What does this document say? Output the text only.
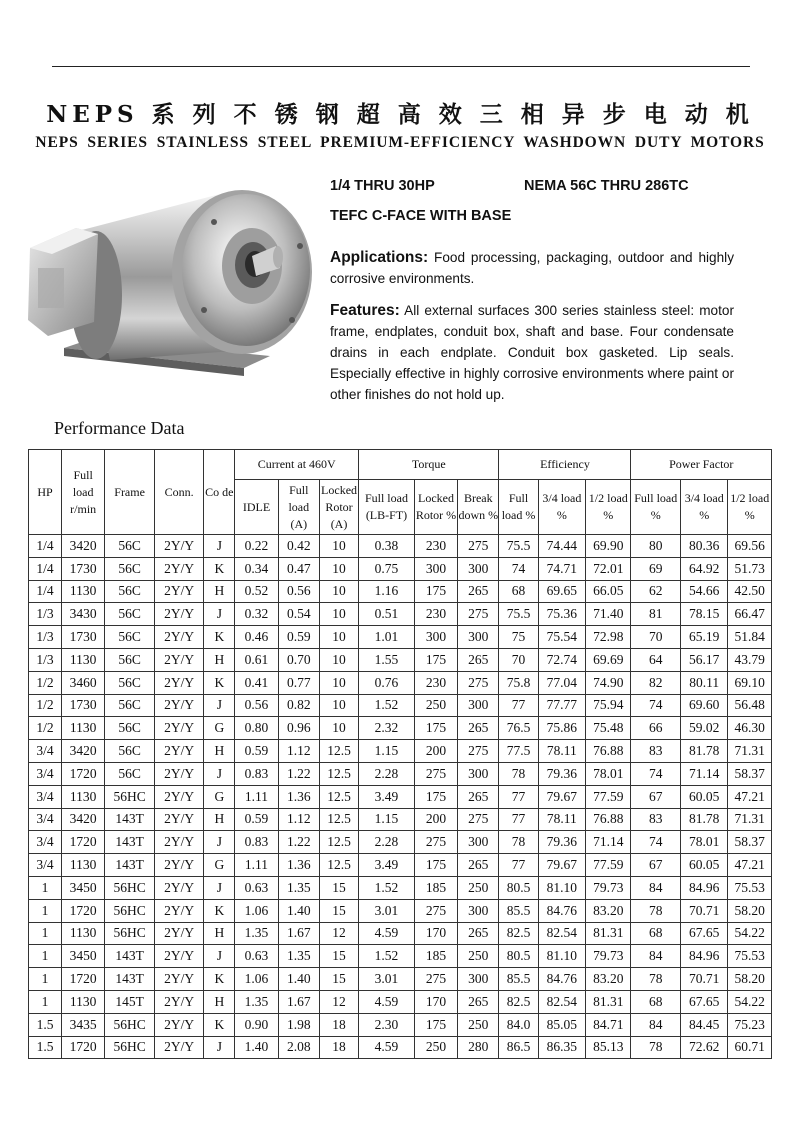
NEPS 系 列 不 锈 钢 超 高 效 三 相 异 步 电 动 机
NEPS SERIES STAINLESS STEEL PREMIUM-EFFICIENCY WASHDOWN DUTY MOTORS
1/4 THRU 30HP	NEMA 56C THRU 286TC
TEFC C-FACE WITH BASE
Applications: Food processing, packaging, outdoor and highly corrosive environments.
Features: All external surfaces 300 series stainless steel: motor frame, endplates, conduit box, shaft and base. Four condensate drains in each endplate. Conduit box gasketed. Lip seals. Especially effective in highly corrosive environments where paint or other finishes do not hold up.
Performance Data
HP	Full load r/min	Frame	Conn.	Co de	Current at 460V			Torque			Efficiency			Power Factor		
					IDLE	Full load (A)	Locked Rotor (A)	Full load (LB-FT)	Locked Rotor %	Break down %	Full load %	3/4 load %	1/2 load %	Full load %	3/4 load %	1/2 load %
1/4	3420	56C	2Y/Y	J	0.22	0.42	10	0.38	230	275	75.5	74.44	69.90	80	80.36	69.56
1/4	1730	56C	2Y/Y	K	0.34	0.47	10	0.75	300	300	74	74.71	72.01	69	64.92	51.73
1/4	1130	56C	2Y/Y	H	0.52	0.56	10	1.16	175	265	68	69.65	66.05	62	54.66	42.50
1/3	3430	56C	2Y/Y	J	0.32	0.54	10	0.51	230	275	75.5	75.36	71.40	81	78.15	66.47
1/3	1730	56C	2Y/Y	K	0.46	0.59	10	1.01	300	300	75	75.54	72.98	70	65.19	51.84
1/3	1130	56C	2Y/Y	H	0.61	0.70	10	1.55	175	265	70	72.74	69.69	64	56.17	43.79
1/2	3460	56C	2Y/Y	K	0.41	0.77	10	0.76	230	275	75.8	77.04	74.90	82	80.11	69.10
1/2	1730	56C	2Y/Y	J	0.56	0.82	10	1.52	250	300	77	77.77	75.94	74	69.60	56.48
1/2	1130	56C	2Y/Y	G	0.80	0.96	10	2.32	175	265	76.5	75.86	75.48	66	59.02	46.30
3/4	3420	56C	2Y/Y	H	0.59	1.12	12.5	1.15	200	275	77.5	78.11	76.88	83	81.78	71.31
3/4	1720	56C	2Y/Y	J	0.83	1.22	12.5	2.28	275	300	78	79.36	78.01	74	71.14	58.37
3/4	1130	56HC	2Y/Y	G	1.11	1.36	12.5	3.49	175	265	77	79.67	77.59	67	60.05	47.21
3/4	3420	143T	2Y/Y	H	0.59	1.12	12.5	1.15	200	275	77	78.11	76.88	83	81.78	71.31
3/4	1720	143T	2Y/Y	J	0.83	1.22	12.5	2.28	275	300	78	79.36	71.14	74	78.01	58.37
3/4	1130	143T	2Y/Y	G	1.11	1.36	12.5	3.49	175	265	77	79.67	77.59	67	60.05	47.21
1	3450	56HC	2Y/Y	J	0.63	1.35	15	1.52	185	250	80.5	81.10	79.73	84	84.96	75.53
1	1720	56HC	2Y/Y	K	1.06	1.40	15	3.01	275	300	85.5	84.76	83.20	78	70.71	58.20
1	1130	56HC	2Y/Y	H	1.35	1.67	12	4.59	170	265	82.5	82.54	81.31	68	67.65	54.22
1	3450	143T	2Y/Y	J	0.63	1.35	15	1.52	185	250	80.5	81.10	79.73	84	84.96	75.53
1	1720	143T	2Y/Y	K	1.06	1.40	15	3.01	275	300	85.5	84.76	83.20	78	70.71	58.20
1	1130	145T	2Y/Y	H	1.35	1.67	12	4.59	170	265	82.5	82.54	81.31	68	67.65	54.22
1.5	3435	56HC	2Y/Y	K	0.90	1.98	18	2.30	175	250	84.0	85.05	84.71	84	84.45	75.23
1.5	1720	56HC	2Y/Y	J	1.40	2.08	18	4.59	250	280	86.5	86.35	85.13	78	72.62	60.71
